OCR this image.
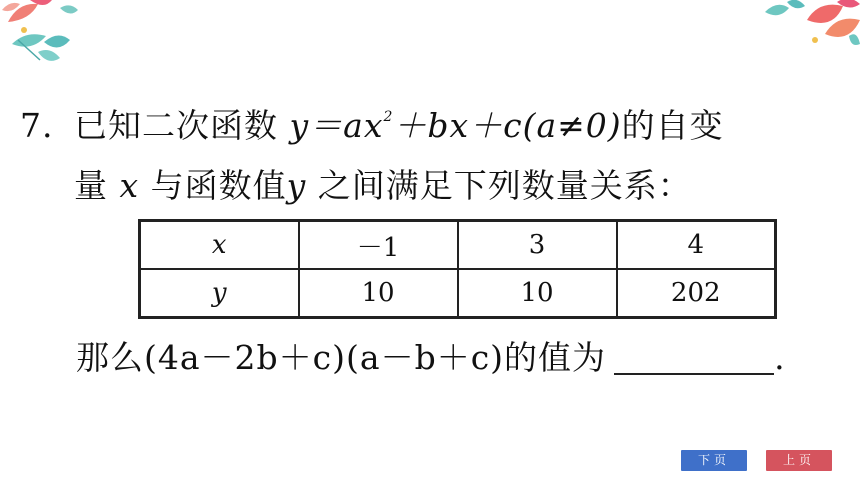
7. 已知二次函数 $y=ax^2+bx+c(a\ne 0)$的自变
量 x 与函数值y 之间满足下列数量关系：
x	－1	3	4
y	10	10	202
那么(4a－2b＋c)(a－b＋c)的值为	.
下页	上页
